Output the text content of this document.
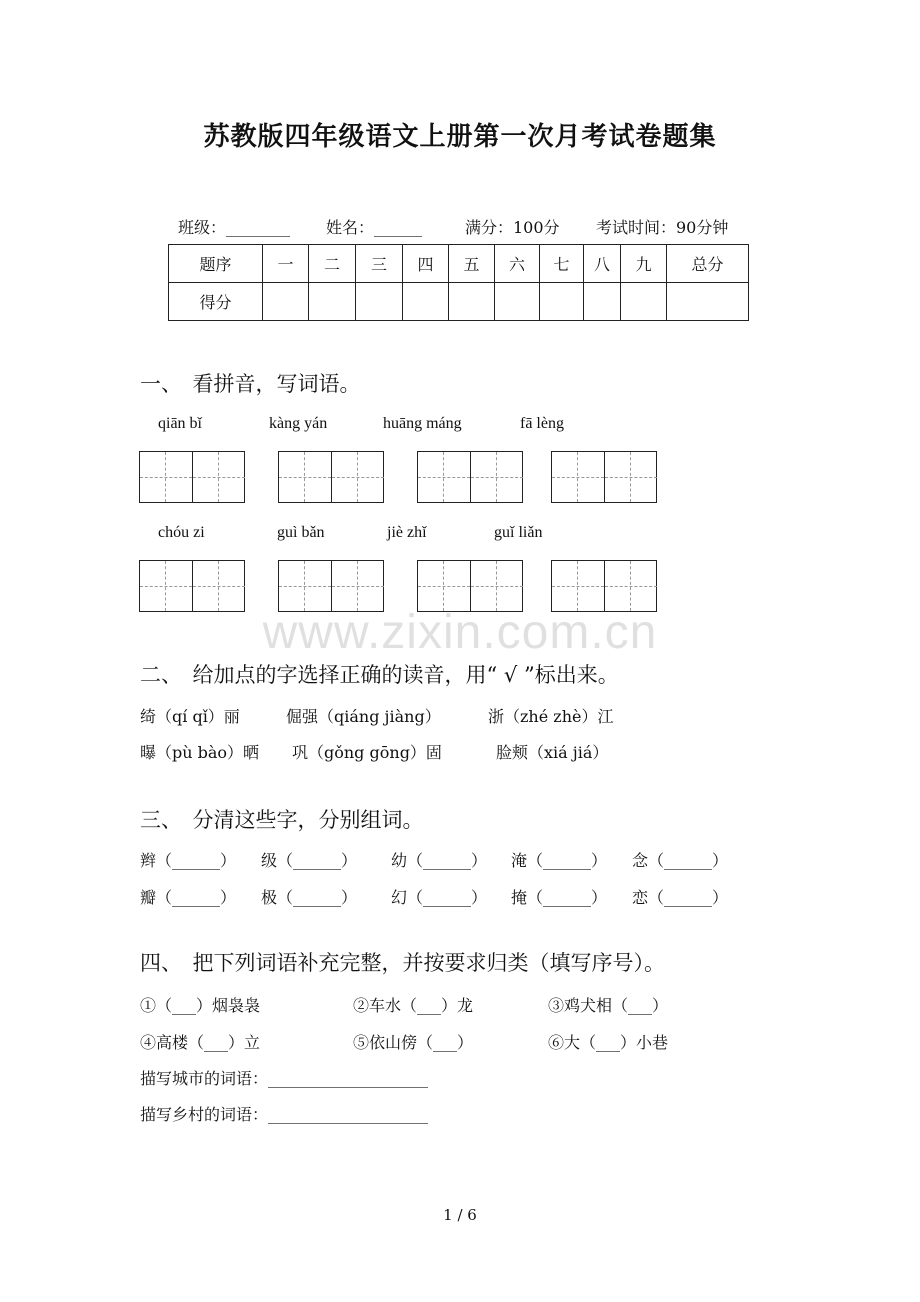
苏教版四年级语文上册第一次月考试卷题集
班级：________ 姓名：______	满分：100分 考试时间：90分钟
题序	一	二	三	四	五	六	七	八	九	总分
得分										
一、　看拼音，写词语。
qiān bǐ	kàng yán	huāng máng	fā lèng
chóu zi	guì bǎn	jiè zhǐ	guǐ liǎn
www.zixin.com.cn
二、　给加点的字选择正确的读音，用“ √ ”标出来。
绮（qí qǐ）丽	倔强（qiáng jiàng）	浙（zhé zhè）江
曝（pù bào）晒 巩（gǒng gōng）固	脸颊（xiá jiá）
三、　分清这些字，分别组词。
辫（______） 级（______） 幼（______） 淹（______） 念（______）
瓣（______） 极（______） 幻（______） 掩（______） 恋（______）
四、　把下列词语补充完整，并按要求归类（填写序号）。
①（___）烟袅袅	②车水（___）龙	③鸡犬相（___）
④高楼（___）立	⑤依山傍（___）	⑥大（___）小巷
描写城市的词语：____________________
描写乡村的词语：____________________
1 / 6
